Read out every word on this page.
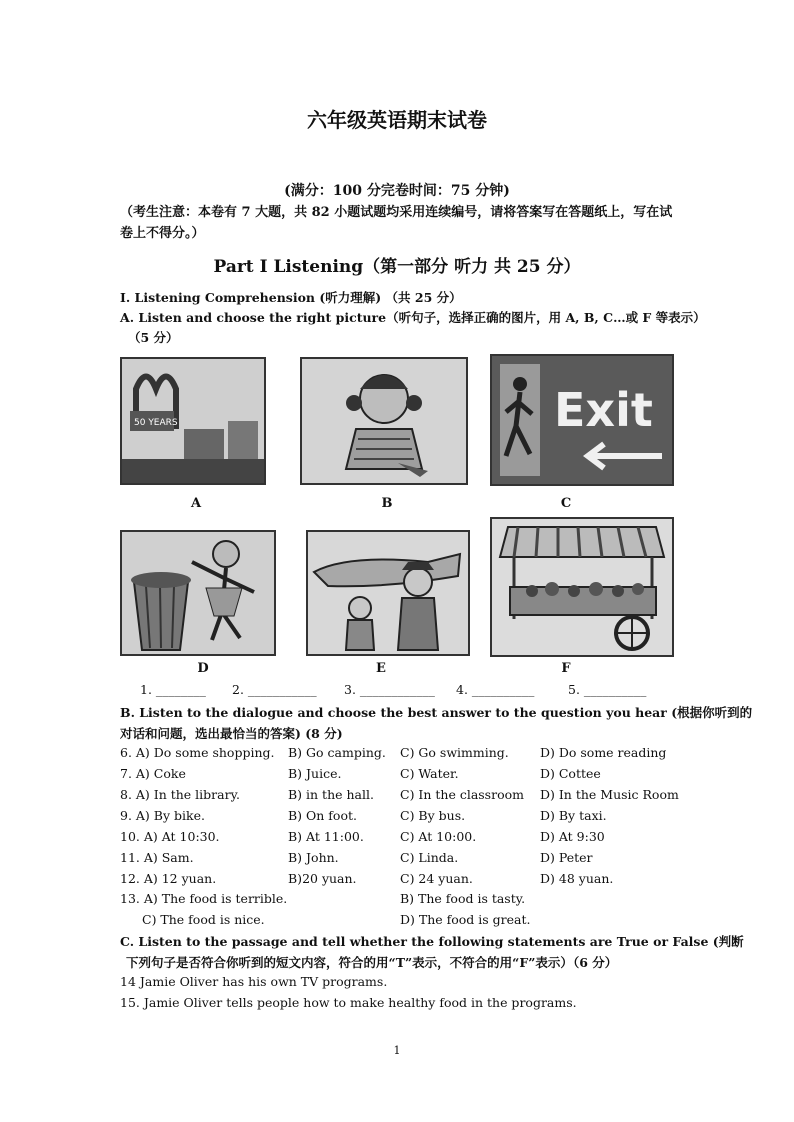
六年级英语期末试卷
(满分：100 分完卷时间：75 分钟)
（考生注意：本卷有 7 大题，共 82 小题试题均采用连续编号，请将答案写在答题纸上，写在试卷上不得分。）
Part I Listening（第一部分 听力 共 25 分）
I. Listening Comprehension (听力理解) （共 25 分）
A. Listen and choose the right picture（听句子，选择正确的图片，用 A, B, C…或 F 等表示）
（5 分）
50 YEARS
A	B
Exit
C
D	E	F
1. ________ 2. ___________ 3. ____________ 4. __________	5. __________
B. Listen to the dialogue and choose the best answer to the question you hear (根据你听到的
对话和问题，选出最恰当的答案) (8 分)
6. A) Do some shopping. B) Go camping. C) Go swimming.	D) Do some reading
7. A) Coke	B) Juice.	C) Water.	D) Cottee
8. A) In the library.	B) in the hall. C) In the classroom D) In the Music Room
9. A) By bike.	B) On foot.	C) By bus.	D) By taxi.
10. A) At 10:30.	B) At 11:00.	C) At 10:00.	D) At 9:30
11. A) Sam.	B) John.	C) Linda.	D) Peter
12. A) 12 yuan.	B)20 yuan.	C) 24 yuan.	D) 48 yuan.
13. A) The food is terrible.	B) The food is tasty.
C) The food is nice.	D) The food is great.
C. Listen to the passage and tell whether the following statements are True or False (判断
下列句子是否符合你听到的短文内容，符合的用“T”表示，不符合的用“F”表示）（6 分）
14 Jamie Oliver has his own TV programs.
15. Jamie Oliver tells people how to make healthy food in the programs.
1
